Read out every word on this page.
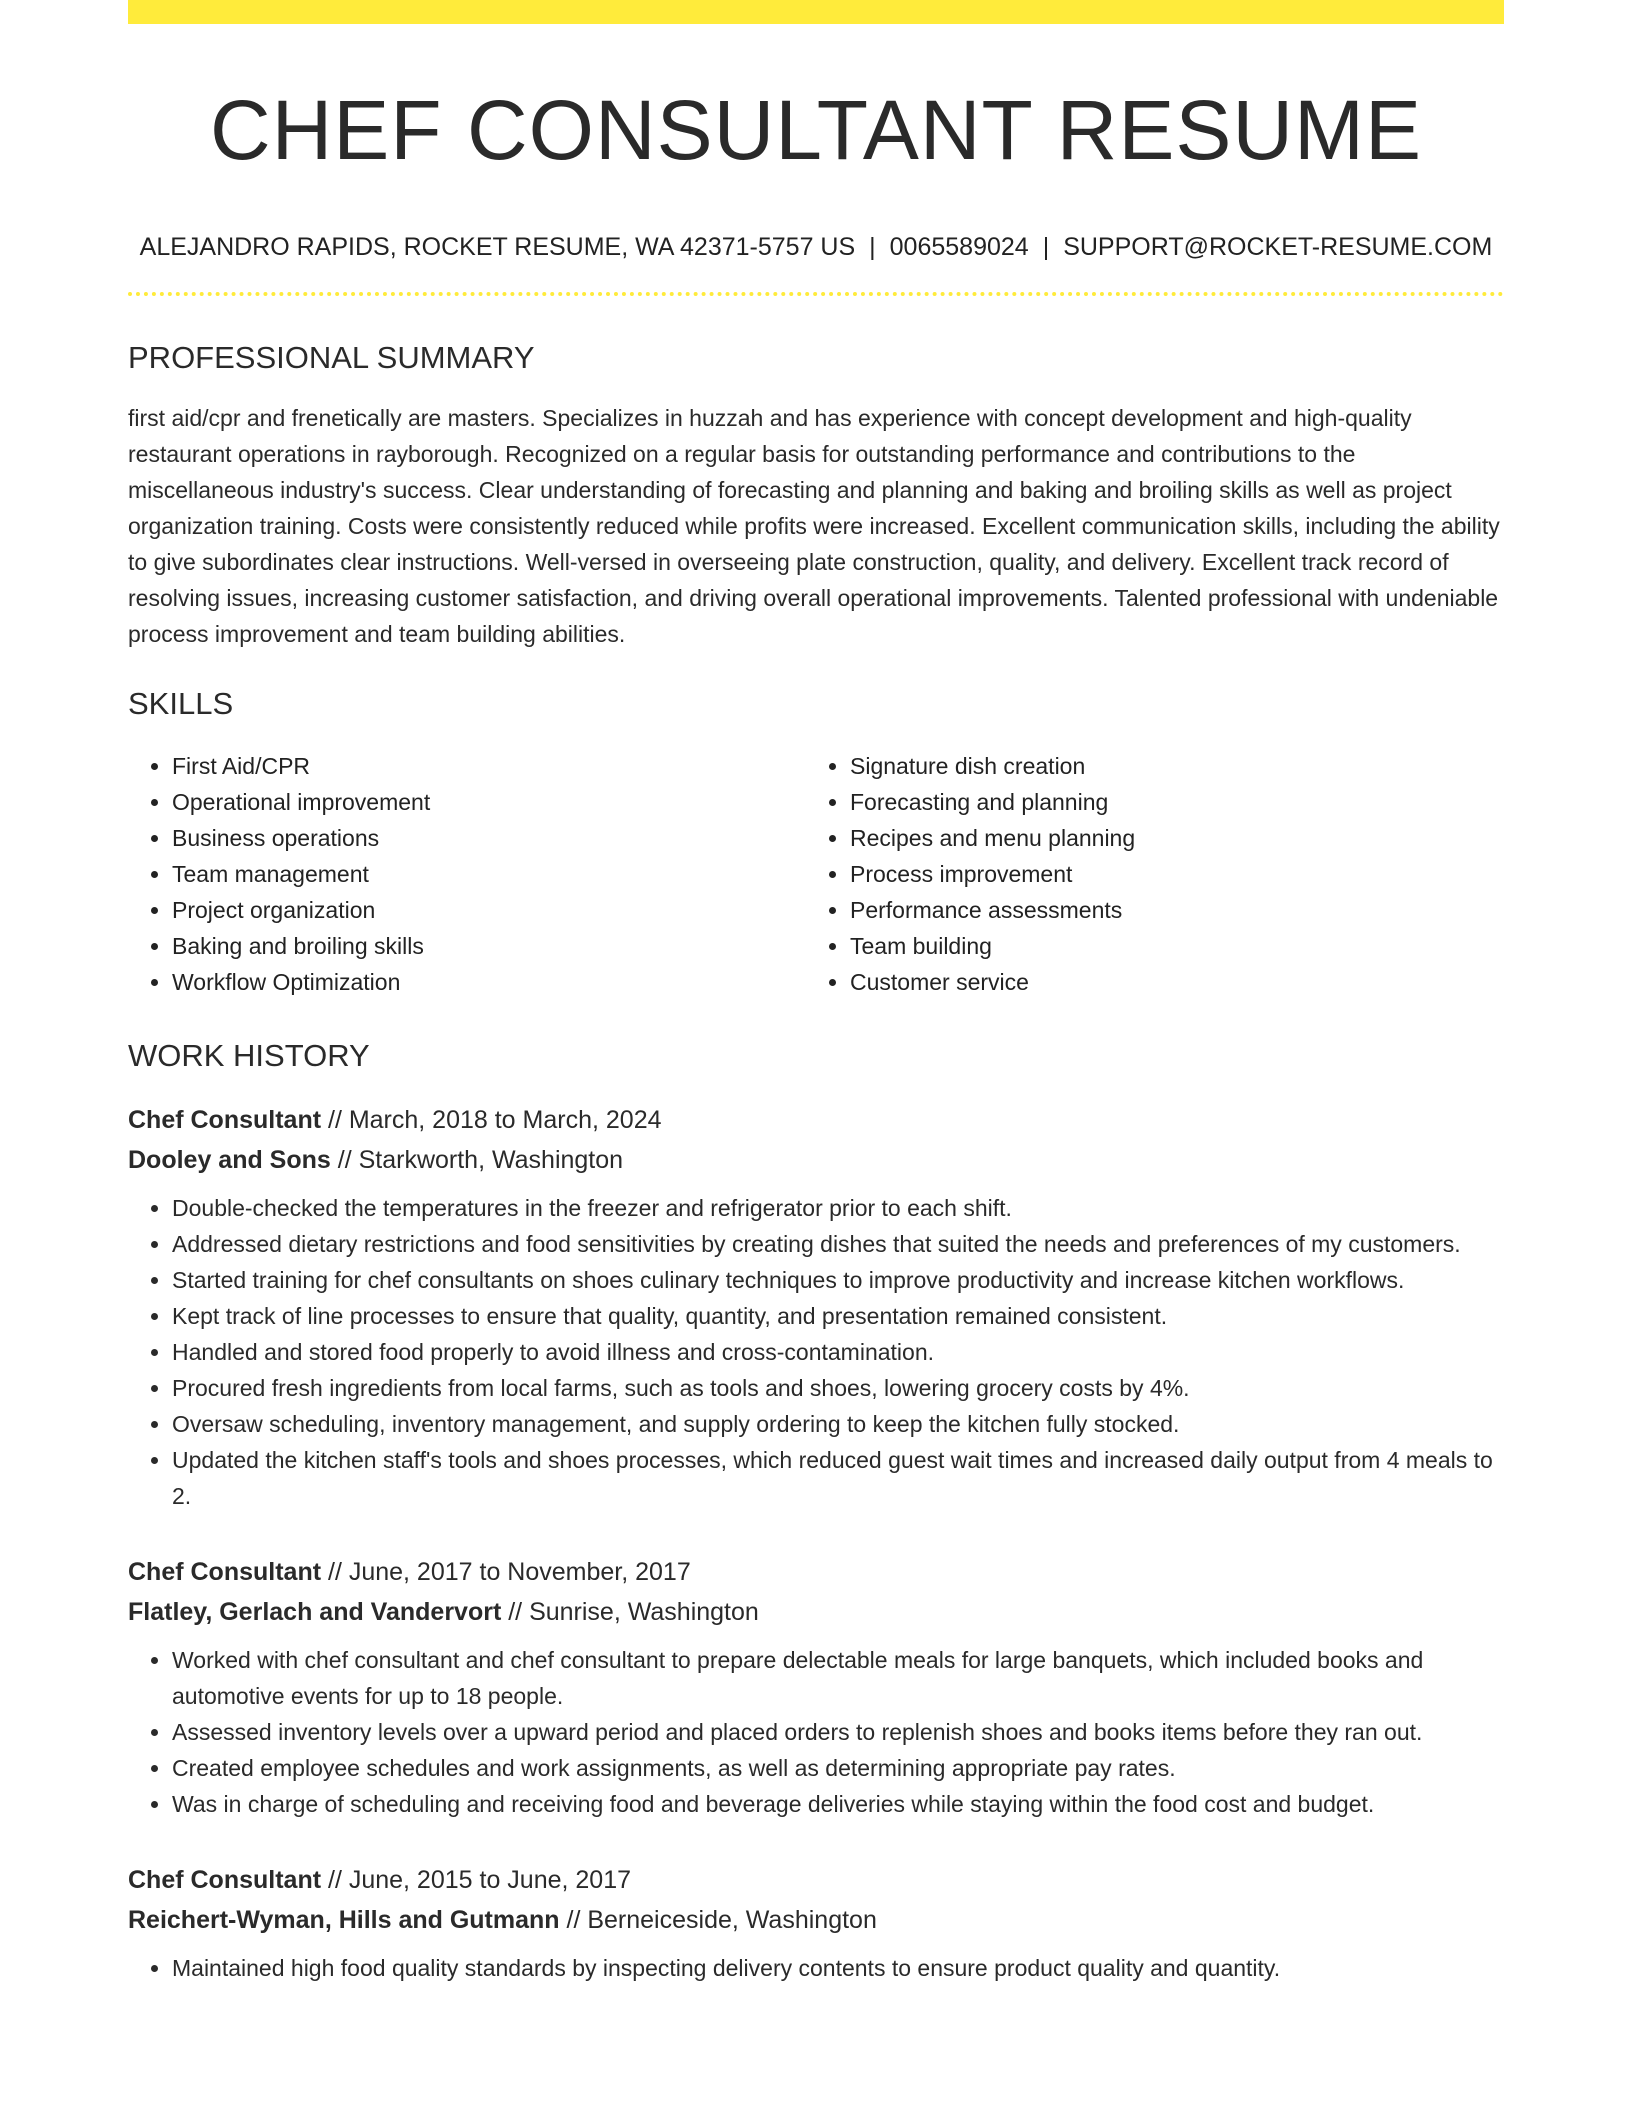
CHEF CONSULTANT RESUME
ALEJANDRO RAPIDS, ROCKET RESUME, WA 42371-5757 US | 0065589024 | SUPPORT@ROCKET-RESUME.COM
PROFESSIONAL SUMMARY

first aid/cpr and frenetically are masters. Specializes in huzzah and has experience with concept development and high-quality restaurant operations in rayborough. Recognized on a regular basis for outstanding performance and contributions to the miscellaneous industry's success. Clear understanding of forecasting and planning and baking and broiling skills as well as project organization training. Costs were consistently reduced while profits were increased. Excellent communication skills, including the ability to give subordinates clear instructions. Well-versed in overseeing plate construction, quality, and delivery. Excellent track record of resolving issues, increasing customer satisfaction, and driving overall operational improvements. Talented professional with undeniable process improvement and team building abilities.

SKILLS
• First Aid/CPR
• Operational improvement
• Business operations
• Team management
• Project organization
• Baking and broiling skills
• Workflow Optimization
• Signature dish creation
• Forecasting and planning
• Recipes and menu planning
• Process improvement
• Performance assessments
• Team building
• Customer service
WORK HISTORY
Chef Consultant // March, 2018 to March, 2024
Dooley and Sons // Starkworth, Washington
• Double-checked the temperatures in the freezer and refrigerator prior to each shift.
• Addressed dietary restrictions and food sensitivities by creating dishes that suited the needs and preferences of my customers.
• Started training for chef consultants on shoes culinary techniques to improve productivity and increase kitchen workflows.
• Kept track of line processes to ensure that quality, quantity, and presentation remained consistent.
• Handled and stored food properly to avoid illness and cross-contamination.
• Procured fresh ingredients from local farms, such as tools and shoes, lowering grocery costs by 4%.
• Oversaw scheduling, inventory management, and supply ordering to keep the kitchen fully stocked.
• Updated the kitchen staff's tools and shoes processes, which reduced guest wait times and increased daily output from 4 meals to 2.
Chef Consultant // June, 2017 to November, 2017
Flatley, Gerlach and Vandervort // Sunrise, Washington
• Worked with chef consultant and chef consultant to prepare delectable meals for large banquets, which included books and automotive events for up to 18 people.
• Assessed inventory levels over a upward period and placed orders to replenish shoes and books items before they ran out.
• Created employee schedules and work assignments, as well as determining appropriate pay rates.
• Was in charge of scheduling and receiving food and beverage deliveries while staying within the food cost and budget.
Chef Consultant // June, 2015 to June, 2017
Reichert-Wyman, Hills and Gutmann // Berneiceside, Washington
• Maintained high food quality standards by inspecting delivery contents to ensure product quality and quantity.
